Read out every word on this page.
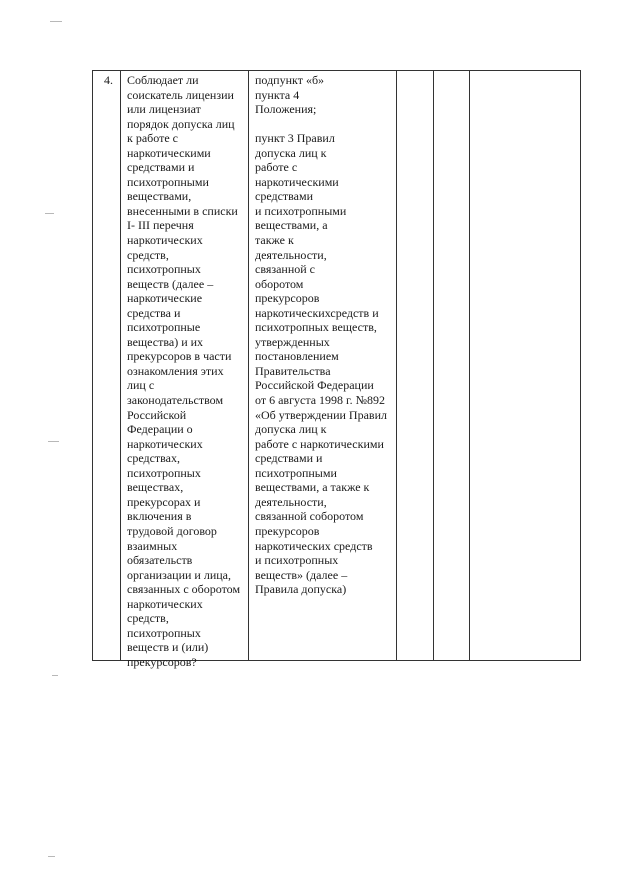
4. Соблюдает ли
соискатель лицензии
или лицензиат
порядок допуска лиц
к работе с
наркотическими
средствами и
психотропными
веществами,
внесенными в списки
I- III перечня
наркотических
средств,
психотропных
веществ (далее –
наркотические
средства и
психотропные
вещества) и их
прекурсоров в части
ознакомления этих
лиц с
законодательством
Российской
Федерации о
наркотических
средствах,
психотропных
веществах,
прекурсорах и
включения в
трудовой договор
взаимных
обязательств
организации и лица,
связанных с оборотом
наркотических
средств,
психотропных
веществ и (или)
прекурсоров?
подпункт «б»
пункта 4
Положения;

пункт 3 Правил
допуска лиц к
работе с
наркотическими
средствами
и психотропными
веществами, а
также к
деятельности,
связанной с
оборотом
прекурсоров
наркотическихсредств и
психотропных веществ,
утвержденных
постановлением
Правительства
Российской Федерации
от 6 августа 1998 г. №892
«Об утверждении Правил
допуска лиц к
работе с наркотическими
средствами и
психотропными
веществами, а также к
деятельности,
связанной соборотом
прекурсоров
наркотических средств
и психотропных
веществ» (далее –
Правила допуска)
